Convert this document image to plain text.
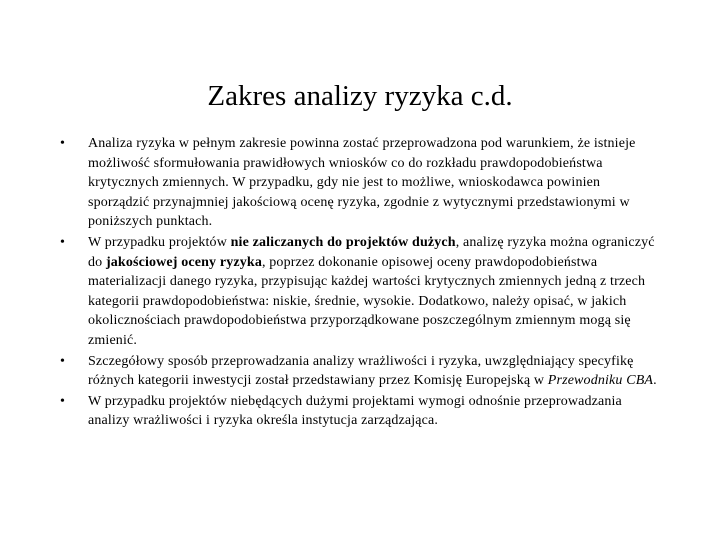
Zakres analizy ryzyka c.d.
•	Analiza ryzyka w pełnym zakresie powinna zostać przeprowadzona pod warunkiem, że istnieje możliwość sformułowania prawidłowych wniosków co do rozkładu prawdopodobieństwa krytycznych zmiennych. W przypadku, gdy nie jest to możliwe, wnioskodawca powinien sporządzić przynajmniej jakościową ocenę ryzyka, zgodnie z wytycznymi przedstawionymi w poniższych punktach.
•	W przypadku projektów nie zaliczanych do projektów dużych, analizę ryzyka można ograniczyć do jakościowej oceny ryzyka, poprzez dokonanie opisowej oceny prawdopodobieństwa materializacji danego ryzyka, przypisując każdej wartości krytycznych zmiennych jedną z trzech kategorii prawdopodobieństwa: niskie, średnie, wysokie. Dodatkowo, należy opisać, w jakich okolicznościach prawdopodobieństwa przyporządkowane poszczególnym zmiennym mogą się zmienić.
•	Szczegółowy sposób przeprowadzania analizy wrażliwości i ryzyka, uwzględniający specyfikę różnych kategorii inwestycji został przedstawiany przez Komisję Europejską w Przewodniku CBA.
•	W przypadku projektów niebędących dużymi projektami wymogi odnośnie przeprowadzania analizy wrażliwości i ryzyka określa instytucja zarządzająca.
